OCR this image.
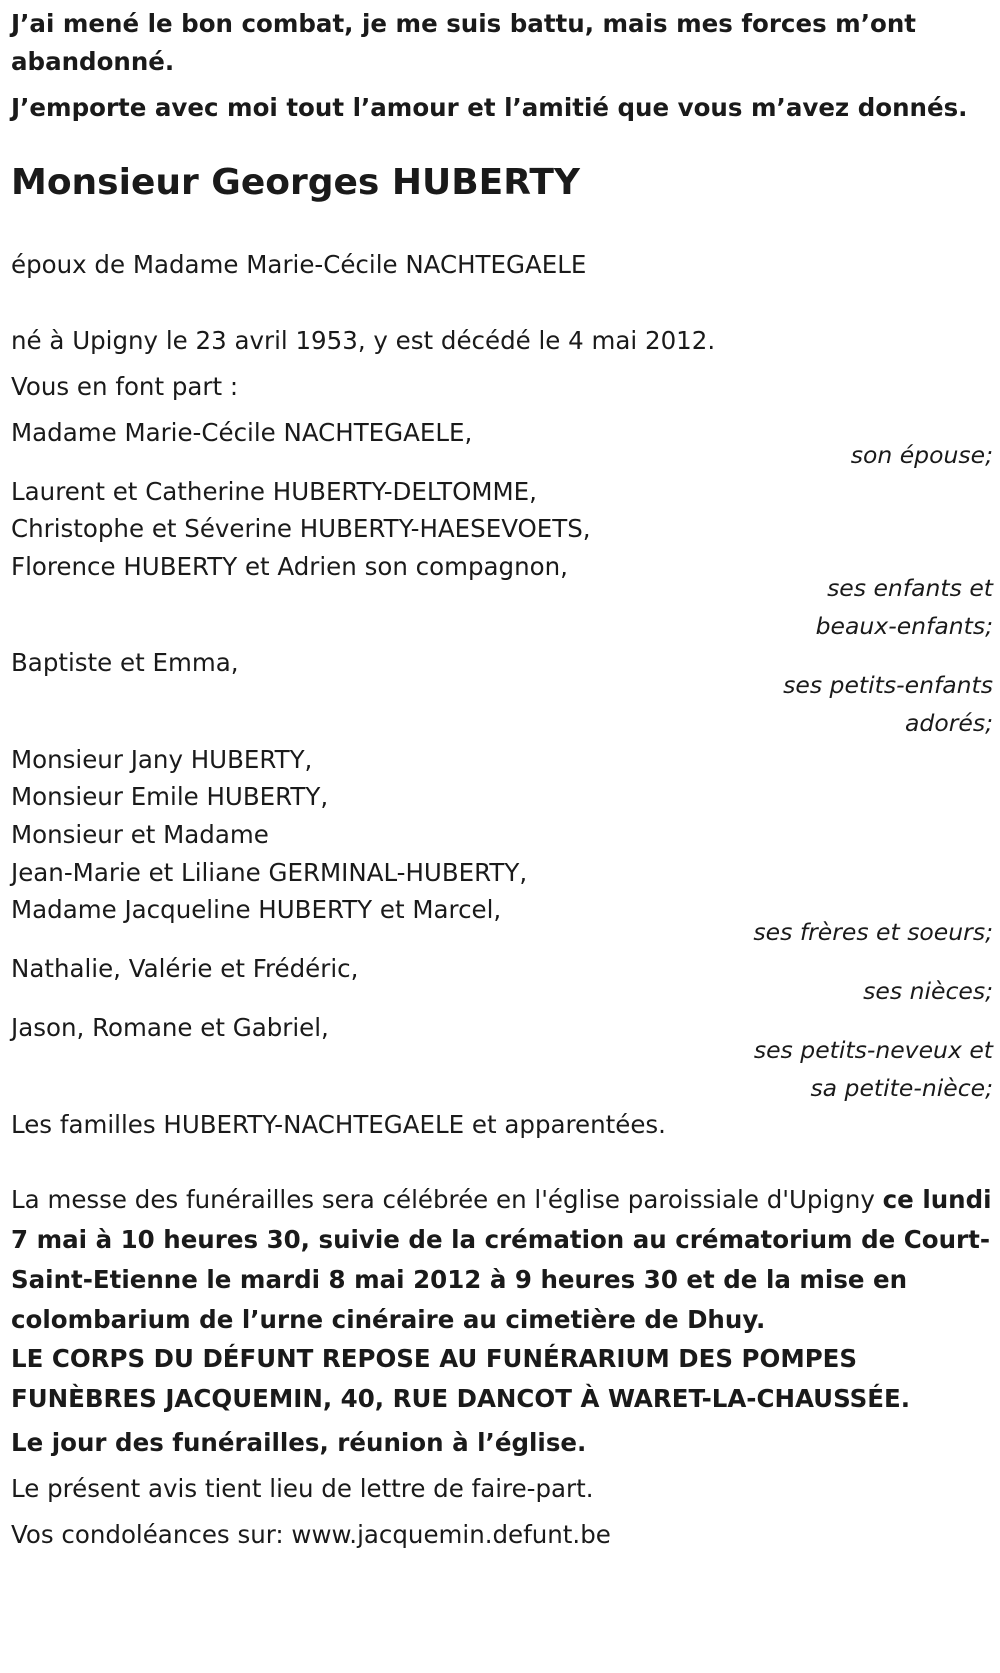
J’ai mené le bon combat, je me suis battu, mais mes forces m’ont
abandonné.
J’emporte avec moi tout l’amour et l’amitié que vous m’avez donnés.
Monsieur Georges HUBERTY
époux de Madame Marie-Cécile NACHTEGAELE
né à Upigny le 23 avril 1953, y est décédé le 4 mai 2012.
Vous en font part :
Madame Marie-Cécile NACHTEGAELE,
son épouse;
Laurent et Catherine HUBERTY-DELTOMME,
Christophe et Séverine HUBERTY-HAESEVOETS,
Florence HUBERTY et Adrien son compagnon,
ses enfants et
beaux-enfants;
Baptiste et Emma,
ses petits-enfants
adorés;
Monsieur Jany HUBERTY,
Monsieur Emile HUBERTY,
Monsieur et Madame
Jean-Marie et Liliane GERMINAL-HUBERTY,
Madame Jacqueline HUBERTY et Marcel,
ses frères et soeurs;
Nathalie, Valérie et Frédéric,
ses nièces;
Jason, Romane et Gabriel,
ses petits-neveux et
sa petite-nièce;
Les familles HUBERTY-NACHTEGAELE et apparentées.
La messe des funérailles sera célébrée en l'église paroissiale d'Upigny ce lundi 7 mai à 10 heures 30, suivie de la crémation au crématorium de Court-Saint-Etienne le mardi 8 mai 2012 à 9 heures 30 et de la mise en colombarium de l’urne cinéraire au cimetière de Dhuy.
LE CORPS DU DÉFUNT REPOSE AU FUNÉRARIUM DES POMPES FUNÈBRES JACQUEMIN, 40, RUE DANCOT À WARET-LA-CHAUSSÉE.
Le jour des funérailles, réunion à l’église.
Le présent avis tient lieu de lettre de faire-part.
Vos condoléances sur: www.jacquemin.defunt.be
